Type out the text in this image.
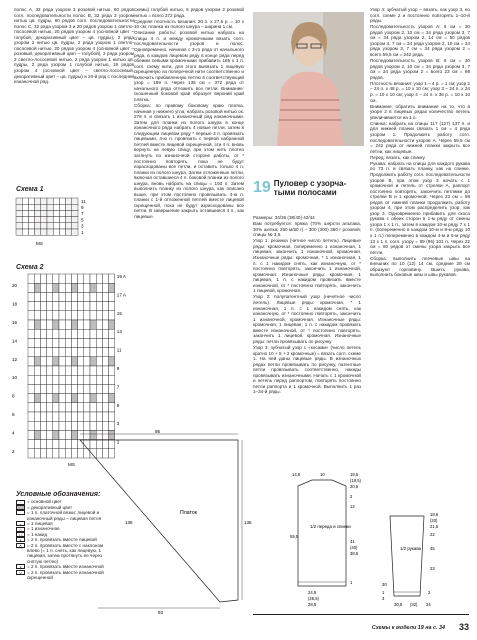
полос А, 32 ряда узором 3 розовой нитью, 60 рядов согл. последовательности полос В, 32 ряда 3 узором нитью цв. пудры, 60 рядов согл. последовательности полос С, 32 ряда узором 3 и 20 рядов узором 1 светло-лососевой нитью, 20 рядов узором 4 (основной цвет – голубой, декоративный цвет – цв. пудры), 2 ряда узором 2 нитью цв. пудры, 2 ряда узором 1 светло-лососевой нитью, 20 рядов узором 4 (основной цвет – розовый, декоративный цвет – голубой), 2 ряда узором 2 светло-лососевой нитью, 2 ряда узором 1 нитью цв. пудры, 2 ряда узором 1 голубой нитью, 19 рядов узором 4 (основной цвет – светло-лососевый, декоративный цвет – цв. пудры) и 20-й ряд с последней изнаночной ряд.

Схема 1
11
9
7
5
3
1
MS
Схема 2
20
18
16
14
12
10
8
6
4
2
19 A
17 A
15
13
11
9
7
5
3
1
MS
Условные обозначения:
= основной цвет
= декоративный цвет
= 1 п. платочной вязки: лицевой и изнаночный ряды – лицевая петля
–	= 1 лицевая
○	= 1 изнаночная
∪	= 1 накид
∧	= 2 п. провязать вместе лицевой
⋀	= 2 п. провязать вместе с наклоном влево (= 1 п. снять, как лицевую, 1 лицевая, затем протянуть ее через снятую петлю)
⋏	= 2 п. провязать вместе изнаночной
⋎	= 2 п. провязать вместе изнаночной скрещенной

схемы) голубой нитью, 6 рядов узором 2 розовой нитью = всего 372 ряда.

Средняя плотность вязания: 20 п. х 27,5 р. = 10 х 10 см; планка из полого шнура – шарина 1 см.

Описание работы: розовой нитью набрать на спицы 4 п. и между кромочными вязать согл. последовательности узоров и полос. Одновременно, начиная с 3-го ряда от начального ряда, в каждом лицевом ряду в конце ряда перед обеими левыми кромочными прибавить 185 х 1 п. согл. схему нити, для этого вывязать 1 лицевую скрещенную из поперечной нити соответственно и включить прибавленную петлю в соответствующий узор = 189 п. Через 135 см = 372 ряда от начального ряда отложить все петли. Внимание: скошенный боковой край образует верхний край платка.

Сборка: по правому боковому краю платка, начиная у нижнего угла, набрать розовой нитью ок. 278 п. и связать 1 изнаночный ряд изнаночными. Затем для планки из полого шнура в конце изнаночного ряда набрать 4 новые петли, затем в следующем лицевом ряду * первые 3 п. провязать лицевыми, 4-ю п. провязать с первой набранной петлей вместе лицевой скрещенной, эти 4 п. вновь вернуть на левую спицу, при этом нить плотно затянуть по изнаночной стороне работы, от * постоянно повторять, пока не будут израсходованы все петли, и оставить только 4 п. планки из полого шнура. Затем отложенные петли, включая оставшиеся 4 п. боковой планки из полого шнура, вновь набрать на спицы = 193 п. Затем выполнить планку из полого шнура, как описано выше, при этом постоянно провязывать 4-ю п. планки с 1-й отложенной петлей вместе лицевой скрещенной, пока не будут израсходованы все петли. В завершение закрыть оставшиеся 4 п., как лицевые.

Платок
95
136
135
93
19 Пуловер с узорча-тыми полосами

Размеры: 34/36 (38/40) 42/44

Вам потребуется: пряжа (70% шерсти альпака, 30% шелка; 250 м/50 г) – 300 (300) 350 г розовой; спицы № 3,5.

Узор 1: резинка (четное число петель). Лицевые ряды: кромочная, попеременно 1 изнаночная, 1 лицевая, закончить 1 изнаночной, кромочная. Изнаночные ряды: кромочная, * 1 изнаночная, 1 п. с 1 накидом снять, как изнаночную, от * постоянно повторять, закончить 1 изнаночной, кромочная. Изнаночные ряды: кромочная, 1 лицевая, 1 п. с накидом провязать вместе изнаночной, от * постоянно повторять, закончить 1 лицевой, кромочная.

Узор 2: полупатентный узор (нечетное число петель). Лицевые ряды: кромочная, * 1 изнаночная, 1 п. с 1 накидом снять, как изнаночную, от * постоянно повторять, закончить 1 изнаночной, кромочная. Изнаночные ряды: кромочная, 1 лицевая, 1 п. с накидом провязать вместе изнаночной, от * постоянно повторять, закончить 1 лицевой, кромочная. Изнаночные ряды: петли провязывать по рисунку.

Узор 3: зубчатый узор с «косами» (число петель кратно 10 + 5 + 2 кромочные) = вязать согл. схеме 1. На ней даны лицевые ряды. В изнаночных рядах петли провязывать по рисунку, патентные петли провязывать соответственно, накиды провязывать изнаночными. Начать с 1 кромочной и петель перед раппортом, повторять постоянно петли раппорта и 1 кромочной. Выполнить 1 раз 1–34-й ряды.

Узор 4: зубчатый узор – вязать, как узор 3, но согл. схеме 2 и постоянно повторять 1–10-й ряды.

Последовательность узоров А: 6 см = 30 рядов узором 2, 10 см = 34 ряда узором 3, 7 см = 34 ряда узором 2, 14 см = 50 рядов узором 4, 7 см = 34 ряда узором 2, 10 см = 34 ряда узором 3, 7 см = 34 ряда узором 2 = всего 59,5 см = 242 ряда.

Последовательность узоров В: 6 см = 30 рядов узором 2, 10 см = 34 ряда узором 3, 7 см = 34 ряда узором 2 = всего 23 см = 98 рядов.

Плотность вязания: узор 1 – 4 р. = 1 см; узор 2 – 24 п. х 48 р. = 10 х 10 см; узор 3 – 24 п. х 34 р. = 10 х 10 см; узор 4 – 24 п. х 36 р. = 10 х 10 см.

Внимание: обратить внимание на то, что в узоре 2 в лицевых рядах количество петель увеличивается на 1 п.

Спинка: набрать на спицы 117 (127) 137 п. и для нижней планки связать 1 см = 4 ряда узором 1. Продолжить работу согл. последовательности узоров А. Через 59,5 см = 242 ряда от нижней планки закрыть все петли, как лицевые.

Перед: вязать, как спинку.

Рукава: набрать на спицы для каждого рукава по 73 п. и связать планку, как на спинке. Продолжить работу согл. последовательности узоров В, при этом узор 3 начать с 1 кромочной и петель от стрелки А, раппорт постоянно повторять, закончить петлями до стрелки В и 1 кромочной. Через 23 см = 98 рядов от нижней планки продолжить работу узором 4, при этом распределить узор, как узор 3. Одновременно прибавить для скоса рукава с обеих сторон в 1-м ряду от смены узора 1 х 1 п., затем в каждом 10-м ряду 7 х 1 п. (попеременно в каждом 10-м и 8-м ряду 10 х 1 п.) попеременно в каждом 4-м и 6-м ряду 13 х 1 п. согл. узору = 89 (95) 101 п. Через 22 см = 80 рядов от смены узора закрыть все петли.

Сборка: выполнить плечевые швы на внешних по 10 (12) 14 см, средние 29 см образуют горловину. Вшить рукава, выполнить боковые швы и швы рукавов.

1/2 переда и спинки
14,5	10	18,5
(19,5)
20,5
2
12
59,5
41
(40)
38,5
1
24,5
(26,5)
28,5
1/2 рукава
18,5
(20)
21,5
22
45
23
30,5 (32) 34
30
1
3
2
Схемы к модели 19 на с. 34 33
